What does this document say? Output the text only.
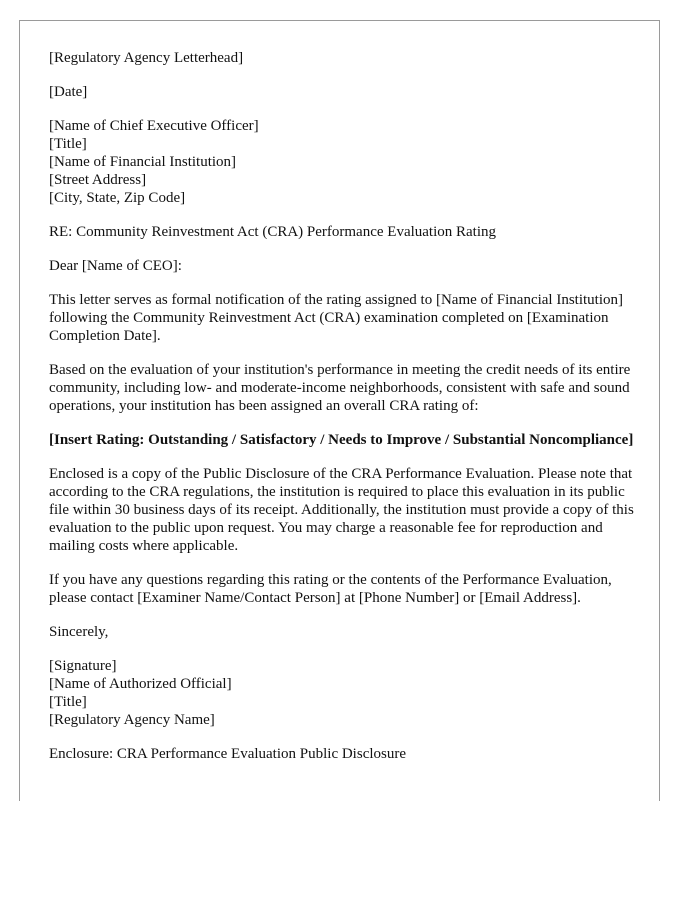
[Regulatory Agency Letterhead]

[Date]

[Name of Chief Executive Officer]
[Title]
[Name of Financial Institution]
[Street Address]
[City, State, Zip Code]

RE: Community Reinvestment Act (CRA) Performance Evaluation Rating

Dear [Name of CEO]:

This letter serves as formal notification of the rating assigned to [Name of Financial Institution] following the Community Reinvestment Act (CRA) examination completed on [Examination Completion Date].

Based on the evaluation of your institution's performance in meeting the credit needs of its entire community, including low- and moderate-income neighborhoods, consistent with safe and sound operations, your institution has been assigned an overall CRA rating of:

[Insert Rating: Outstanding / Satisfactory / Needs to Improve / Substantial Noncompliance]

Enclosed is a copy of the Public Disclosure of the CRA Performance Evaluation. Please note that according to the CRA regulations, the institution is required to place this evaluation in its public file within 30 business days of its receipt. Additionally, the institution must provide a copy of this evaluation to the public upon request. You may charge a reasonable fee for reproduction and mailing costs where applicable.

If you have any questions regarding this rating or the contents of the Performance Evaluation, please contact [Examiner Name/Contact Person] at [Phone Number] or [Email Address].

Sincerely,

[Signature]
[Name of Authorized Official]
[Title]
[Regulatory Agency Name]

Enclosure: CRA Performance Evaluation Public Disclosure
